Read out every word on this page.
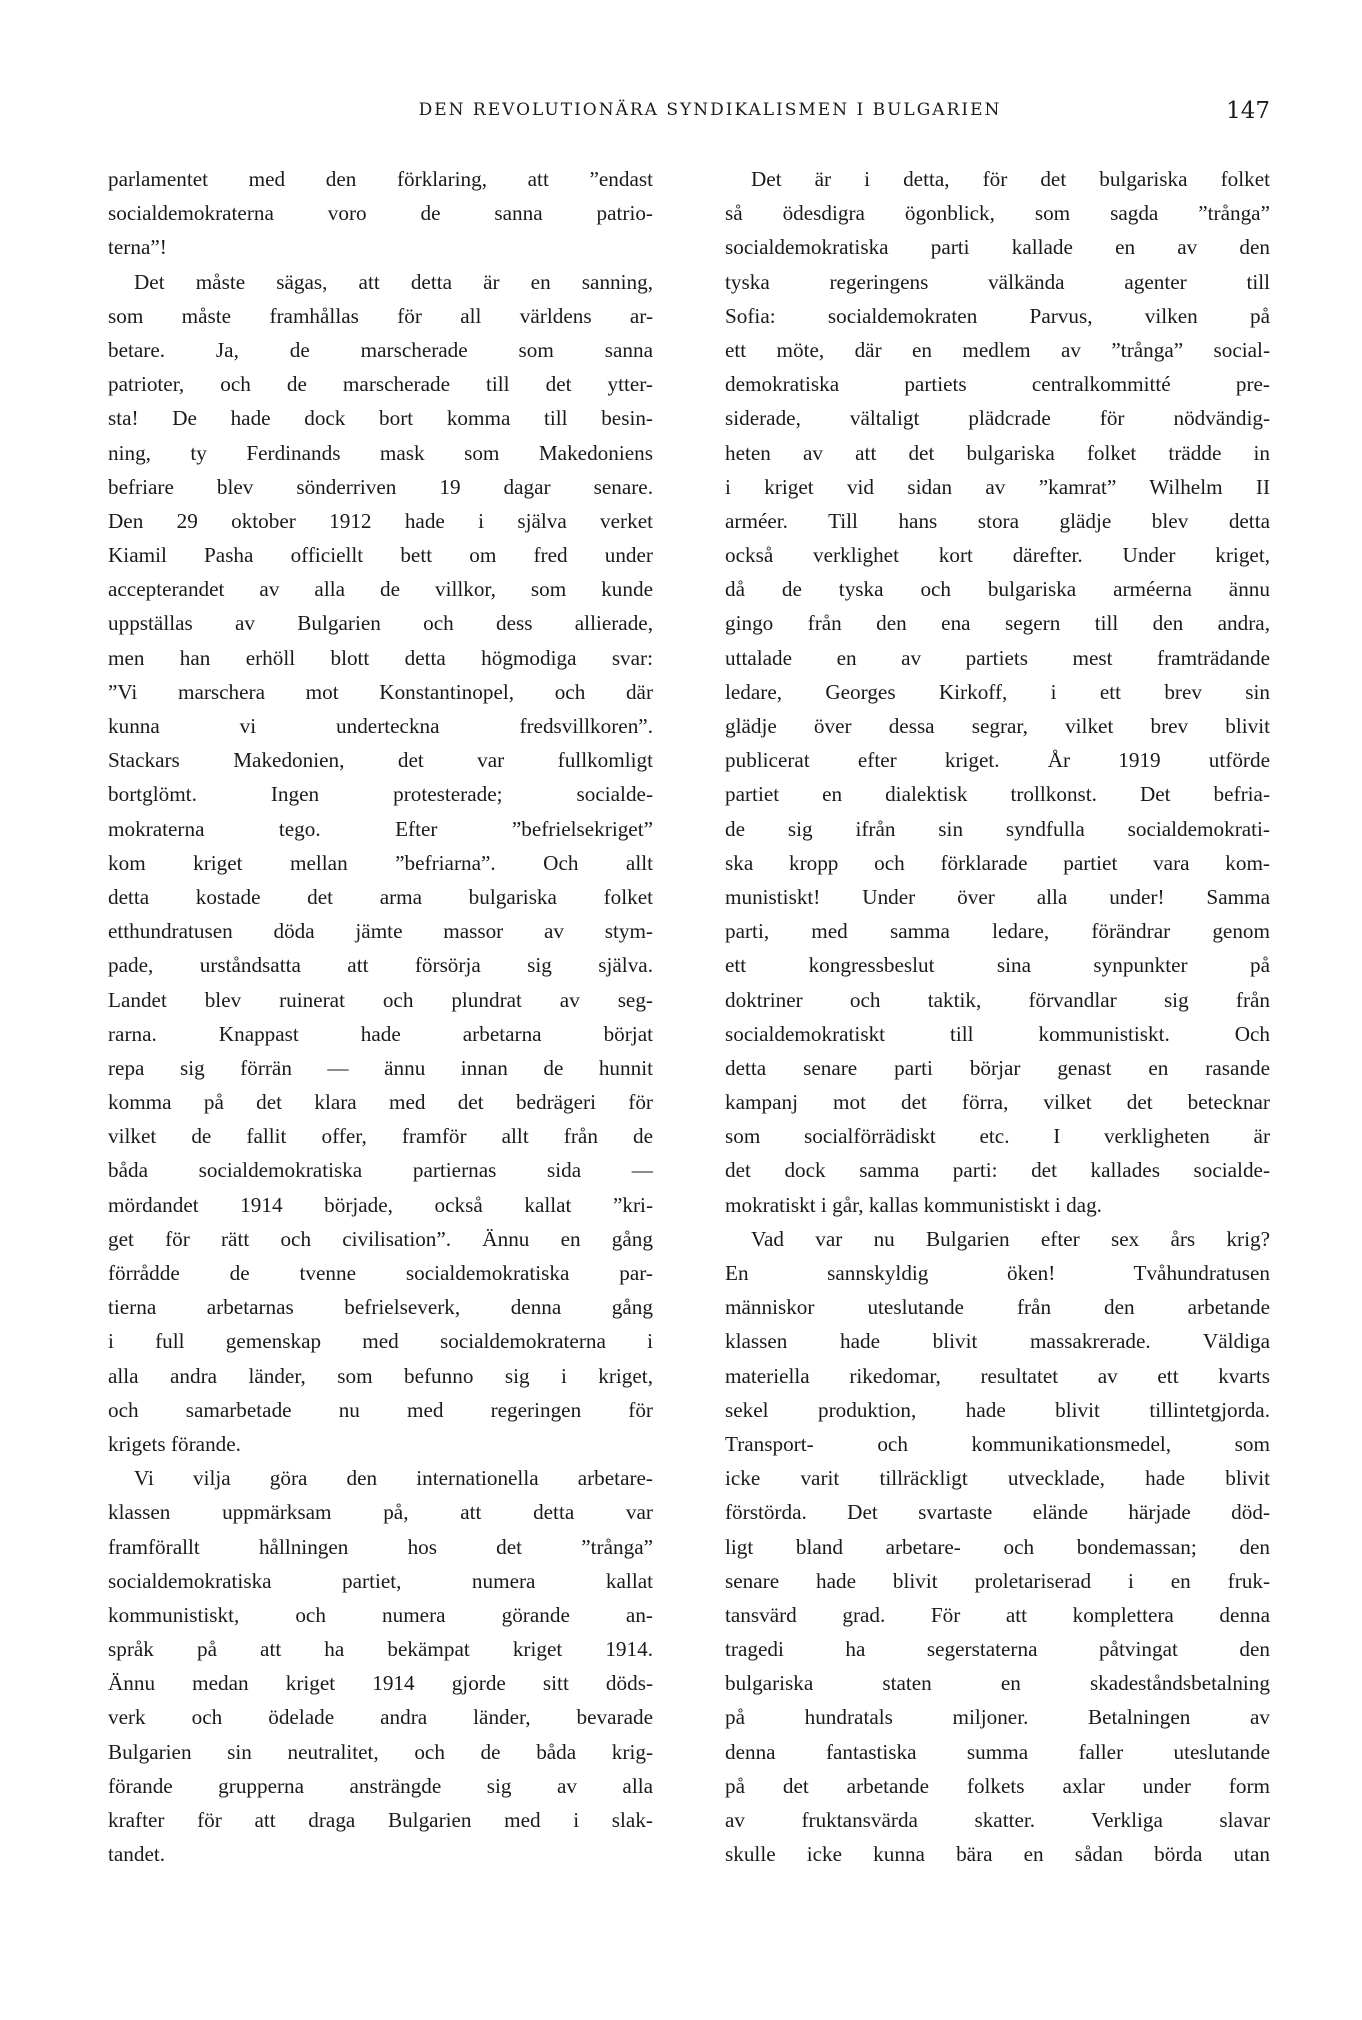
DEN REVOLUTIONÄRA SYNDIKALISMEN I BULGARIEN	147
parlamentet med den förklaring, att ”endast
socialdemokraterna voro de sanna patrio-
terna”!
Det måste sägas, att detta är en sanning,
som måste framhållas för all världens ar-
betare. Ja, de marscherade som sanna
patrioter, och de marscherade till det ytter-
sta! De hade dock bort komma till besin-
ning, ty Ferdinands mask som Makedoniens
befriare blev sönderriven 19 dagar senare.
Den 29 oktober 1912 hade i själva verket
Kiamil Pasha officiellt bett om fred under
accepterandet av alla de villkor, som kunde
uppställas av Bulgarien och dess allierade,
men han erhöll blott detta högmodiga svar:
”Vi marschera mot Konstantinopel, och där
kunna vi underteckna fredsvillkoren”.
Stackars Makedonien, det var fullkomligt
bortglömt. Ingen protesterade; socialde-
mokraterna tego. Efter ”befrielsekriget”
kom kriget mellan ”befriarna”. Och allt
detta kostade det arma bulgariska folket
etthundratusen döda jämte massor av stym-
pade, urståndsatta att försörja sig själva.
Landet blev ruinerat och plundrat av seg-
rarna. Knappast hade arbetarna börjat
repa sig förrän — ännu innan de hunnit
komma på det klara med det bedrägeri för
vilket de fallit offer, framför allt från de
båda socialdemokratiska partiernas sida —
mördandet 1914 började, också kallat ”kri-
get för rätt och civilisation”. Ännu en gång
förrådde de tvenne socialdemokratiska par-
tierna arbetarnas befrielseverk, denna gång
i full gemenskap med socialdemokraterna i
alla andra länder, som befunno sig i kriget,
och samarbetade nu med regeringen för
krigets förande.
Vi vilja göra den internationella arbetare-
klassen uppmärksam på, att detta var
framförallt hållningen hos det ”trånga”
socialdemokratiska partiet, numera kallat
kommunistiskt, och numera görande an-
språk på att ha bekämpat kriget 1914.
Ännu medan kriget 1914 gjorde sitt döds-
verk och ödelade andra länder, bevarade
Bulgarien sin neutralitet, och de båda krig-
förande grupperna ansträngde sig av alla
krafter för att draga Bulgarien med i slak-
tandet.
Det är i detta, för det bulgariska folket
så ödesdigra ögonblick, som sagda ”trånga”
socialdemokratiska parti kallade en av den
tyska regeringens välkända agenter till
Sofia: socialdemokraten Parvus, vilken på
ett möte, där en medlem av ”trånga” social-
demokratiska partiets centralkommitté pre-
siderade, vältaligt plädcrade för nödvändig-
heten av att det bulgariska folket trädde in
i kriget vid sidan av ”kamrat” Wilhelm II
arméer. Till hans stora glädje blev detta
också verklighet kort därefter. Under kriget,
då de tyska och bulgariska arméerna ännu
gingo från den ena segern till den andra,
uttalade en av partiets mest framträdande
ledare, Georges Kirkoff, i ett brev sin
glädje över dessa segrar, vilket brev blivit
publicerat efter kriget. År 1919 utförde
partiet en dialektisk trollkonst. Det befria-
de sig ifrån sin syndfulla socialdemokrati-
ska kropp och förklarade partiet vara kom-
munistiskt! Under över alla under! Samma
parti, med samma ledare, förändrar genom
ett kongressbeslut sina synpunkter på
doktriner och taktik, förvandlar sig från
socialdemokratiskt till kommunistiskt. Och
detta senare parti börjar genast en rasande
kampanj mot det förra, vilket det betecknar
som socialförrädiskt etc. I verkligheten är
det dock samma parti: det kallades socialde-
mokratiskt i går, kallas kommunistiskt i dag.
Vad var nu Bulgarien efter sex års krig?
En sannskyldig öken! Tvåhundratusen
människor uteslutande från den arbetande
klassen hade blivit massakrerade. Väldiga
materiella rikedomar, resultatet av ett kvarts
sekel produktion, hade blivit tillintetgjorda.
Transport- och kommunikationsmedel, som
icke varit tillräckligt utvecklade, hade blivit
förstörda. Det svartaste elände härjade död-
ligt bland arbetare- och bondemassan; den
senare hade blivit proletariserad i en fruk-
tansvärd grad. För att komplettera denna
tragedi ha segerstaterna påtvingat den
bulgariska staten en skadeståndsbetalning
på hundratals miljoner. Betalningen av
denna fantastiska summa faller uteslutande
på det arbetande folkets axlar under form
av fruktansvärda skatter. Verkliga slavar
skulle icke kunna bära en sådan börda utan
